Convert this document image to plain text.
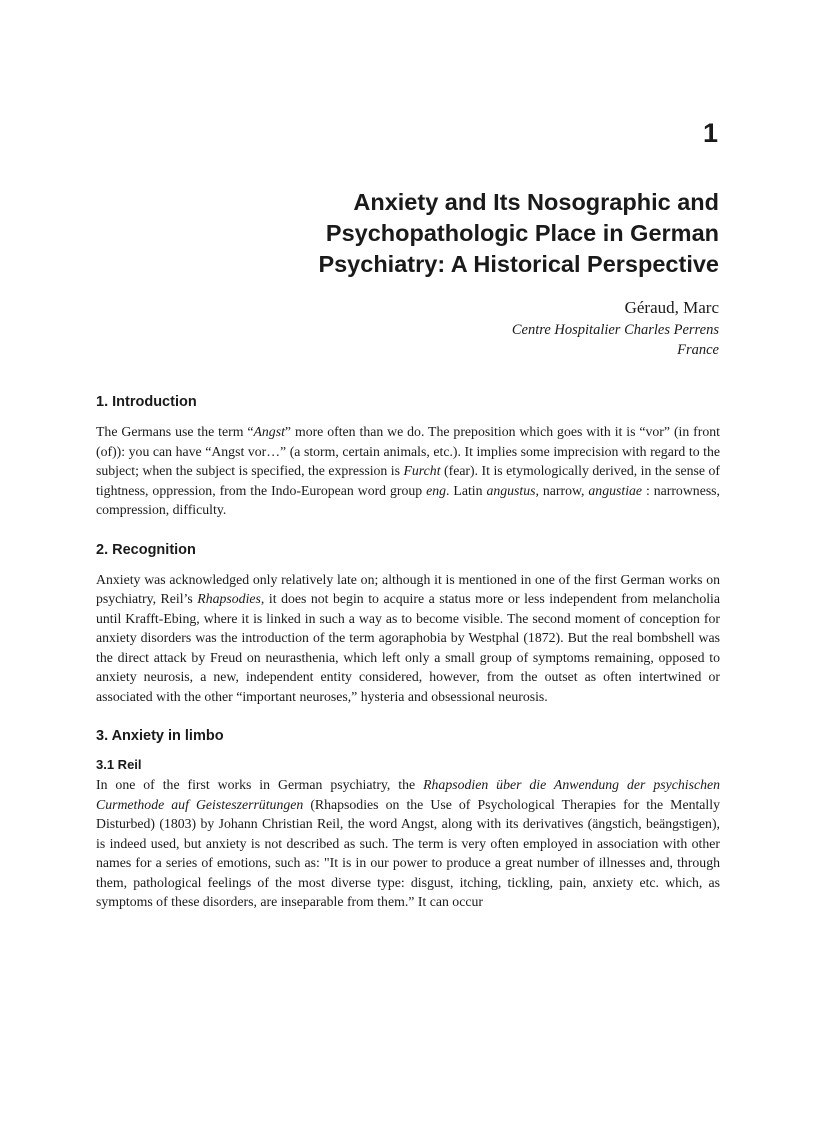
1
Anxiety and Its Nosographic and
Psychopathologic Place in German
Psychiatry: A Historical Perspective
Géraud, Marc
Centre Hospitalier Charles Perrens
France
1. Introduction

The Germans use the term “Angst” more often than we do. The preposition which goes with it is “vor” (in front (of)): you can have “Angst vor…” (a storm, certain animals, etc.). It implies some imprecision with regard to the subject; when the subject is specified, the expression is Furcht (fear). It is etymologically derived, in the sense of tightness, oppression, from the Indo-European word group eng. Latin angustus, narrow, angustiae : narrowness, compression, difficulty.

2. Recognition

Anxiety was acknowledged only relatively late on; although it is mentioned in one of the first German works on psychiatry, Reil’s Rhapsodies, it does not begin to acquire a status more or less independent from melancholia until Krafft-Ebing, where it is linked in such a way as to become visible. The second moment of conception for anxiety disorders was the introduction of the term agoraphobia by Westphal (1872). But the real bombshell was the direct attack by Freud on neurasthenia, which left only a small group of symptoms remaining, opposed to anxiety neurosis, a new, independent entity considered, however, from the outset as often intertwined or associated with the other “important neuroses,” hysteria and obsessional neurosis.

3. Anxiety in limbo
3.1 Reil

In one of the first works in German psychiatry, the Rhapsodien über die Anwendung der psychischen Curmethode auf Geisteszerrütungen (Rhapsodies on the Use of Psychological Therapies for the Mentally Disturbed) (1803) by Johann Christian Reil, the word Angst, along with its derivatives (ängstich, beängstigen), is indeed used, but anxiety is not described as such. The term is very often employed in association with other names for a series of emotions, such as: "It is in our power to produce a great number of illnesses and, through them, pathological feelings of the most diverse type: disgust, itching, tickling, pain, anxiety etc. which, as symptoms of these disorders, are inseparable from them.” It can occur
